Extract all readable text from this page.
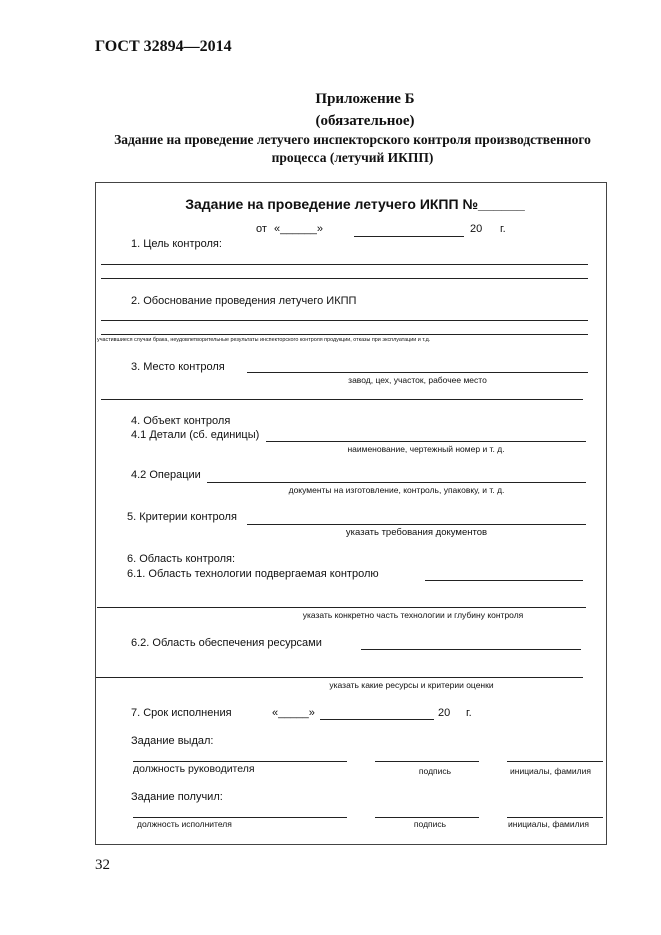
ГОСТ 32894—2014
Приложение Б
(обязательное)
Задание на проведение летучего инспекторского контроля производственного
процесса (летучий ИКПП)
Задание на проведение летучего ИКПП №______
от «______»	20 г.
1. Цель контроля:
2. Обоснование проведения летучего ИКПП
участившиеся случаи брака, неудовлетворительные результаты инспекторского контроля продукции, отказы при эксплуатации и т.д.
3. Место контроля
завод, цех, участок, рабочее место
4. Объект контроля
4.1 Детали (сб. единицы)
наименование, чертежный номер и т. д.
4.2 Операции
документы на изготовление, контроль, упаковку, и т. д.
5. Критерии контроля
указать требования документов
6. Область контроля:
6.1. Область технологии подвергаемая контролю
указать конкретно часть технологии и глубину контроля
6.2. Область обеспечения ресурсами
указать какие ресурсы и критерии оценки
7. Срок исполнения	«_____»	20 г.
Задание выдал:
должность руководителя	подпись	инициалы, фамилия
Задание получил:
должность исполнителя	подпись	инициалы, фамилия
32
